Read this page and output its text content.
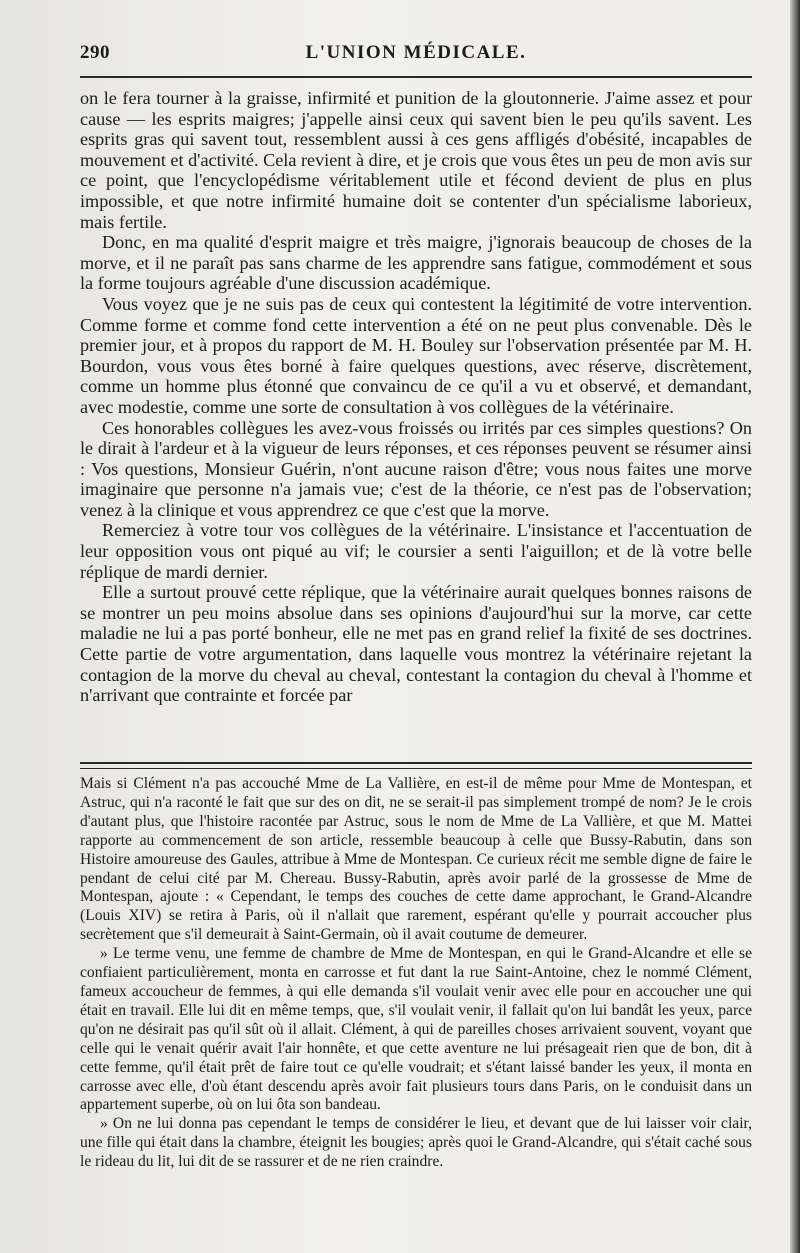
L'UNION MÉDICALE.
290

on le fera tourner à la graisse, infirmité et punition de la gloutonnerie. J'aime assez et pour cause — les esprits maigres; j'appelle ainsi ceux qui savent bien le peu qu'ils savent. Les esprits gras qui savent tout, ressemblent aussi à ces gens affligés d'obésité, incapables de mouvement et d'activité. Cela revient à dire, et je crois que vous êtes un peu de mon avis sur ce point, que l'encyclopédisme véritablement utile et fécond devient de plus en plus impossible, et que notre infirmité humaine doit se contenter d'un spécialisme laborieux, mais fertile.

Donc, en ma qualité d'esprit maigre et très maigre, j'ignorais beaucoup de choses de la morve, et il ne paraît pas sans charme de les apprendre sans fatigue, commodément et sous la forme toujours agréable d'une discussion académique.

Vous voyez que je ne suis pas de ceux qui contestent la légitimité de votre intervention. Comme forme et comme fond cette intervention a été on ne peut plus convenable. Dès le premier jour, et à propos du rapport de M. H. Bouley sur l'observation présentée par M. H. Bourdon, vous vous êtes borné à faire quelques questions, avec réserve, discrètement, comme un homme plus étonné que convaincu de ce qu'il a vu et observé, et demandant, avec modestie, comme une sorte de consultation à vos collègues de la vétérinaire.

Ces honorables collègues les avez-vous froissés ou irrités par ces simples questions? On le dirait à l'ardeur et à la vigueur de leurs réponses, et ces réponses peuvent se résumer ainsi : Vos questions, Monsieur Guérin, n'ont aucune raison d'être; vous nous faites une morve imaginaire que personne n'a jamais vue; c'est de la théorie, ce n'est pas de l'observation; venez à la clinique et vous apprendrez ce que c'est que la morve.

Remerciez à votre tour vos collègues de la vétérinaire. L'insistance et l'accentuation de leur opposition vous ont piqué au vif; le coursier a senti l'aiguillon; et de là votre belle réplique de mardi dernier.

Elle a surtout prouvé cette réplique, que la vétérinaire aurait quelques bonnes raisons de se montrer un peu moins absolue dans ses opinions d'aujourd'hui sur la morve, car cette maladie ne lui a pas porté bonheur, elle ne met pas en grand relief la fixité de ses doctrines. Cette partie de votre argumentation, dans laquelle vous montrez la vétérinaire rejetant la contagion de la morve du cheval au cheval, contestant la contagion du cheval à l'homme et n'arrivant que contrainte et forcée par

Mais si Clément n'a pas accouché Mme de La Vallière, en est-il de même pour Mme de Montespan, et Astruc, qui n'a raconté le fait que sur des on dit, ne se serait-il pas simplement trompé de nom? Je le crois d'autant plus, que l'histoire racontée par Astruc, sous le nom de Mme de La Vallière, et que M. Mattei rapporte au commencement de son article, ressemble beaucoup à celle que Bussy-Rabutin, dans son Histoire amoureuse des Gaules, attribue à Mme de Montespan. Ce curieux récit me semble digne de faire le pendant de celui cité par M. Chereau. Bussy-Rabutin, après avoir parlé de la grossesse de Mme de Montespan, ajoute : « Cependant, le temps des couches de cette dame approchant, le Grand-Alcandre (Louis XIV) se retira à Paris, où il n'allait que rarement, espérant qu'elle y pourrait accoucher plus secrètement que s'il demeurait à Saint-Germain, où il avait coutume de demeurer.

» Le terme venu, une femme de chambre de Mme de Montespan, en qui le Grand-Alcandre et elle se confiaient particulièrement, monta en carrosse et fut dant la rue Saint-Antoine, chez le nommé Clément, fameux accoucheur de femmes, à qui elle demanda s'il voulait venir avec elle pour en accoucher une qui était en travail. Elle lui dit en même temps, que, s'il voulait venir, il fallait qu'on lui bandât les yeux, parce qu'on ne désirait pas qu'il sût où il allait. Clément, à qui de pareilles choses arrivaient souvent, voyant que celle qui le venait quérir avait l'air honnête, et que cette aventure ne lui présageait rien que de bon, dit à cette femme, qu'il était prêt de faire tout ce qu'elle voudrait; et s'étant laissé bander les yeux, il monta en carrosse avec elle, d'où étant descendu après avoir fait plusieurs tours dans Paris, on le conduisit dans un appartement superbe, où on lui ôta son bandeau.

» On ne lui donna pas cependant le temps de considérer le lieu, et devant que de lui laisser voir clair, une fille qui était dans la chambre, éteignit les bougies; après quoi le Grand-Alcandre, qui s'était caché sous le rideau du lit, lui dit de se rassurer et de ne rien craindre.
